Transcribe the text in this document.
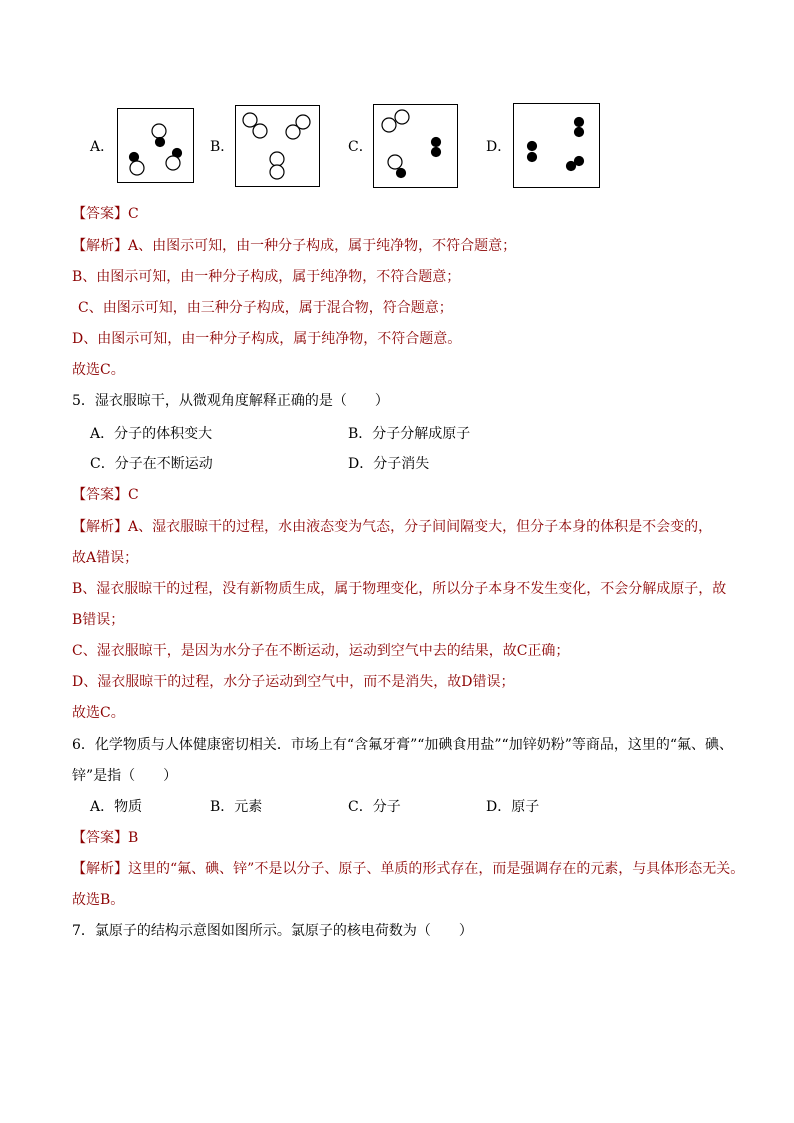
A．	B．	C．	D．
【答案】C
【解析】A、由图示可知，由一种分子构成，属于纯净物，不符合题意；
B、由图示可知，由一种分子构成，属于纯净物，不符合题意；
C、由图示可知，由三种分子构成，属于混合物，符合题意；
D、由图示可知，由一种分子构成，属于纯净物，不符合题意。
故选C。
5．湿衣服晾干，从微观角度解释正确的是（　　）
A．分子的体积变大	B．分子分解成原子
C．分子在不断运动	D．分子消失
【答案】C
【解析】A、湿衣服晾干的过程，水由液态变为气态，分子间间隔变大，但分子本身的体积是不会变的，
故A错误；
B、湿衣服晾干的过程，没有新物质生成，属于物理变化，所以分子本身不发生变化，不会分解成原子，故
B错误；
C、湿衣服晾干，是因为水分子在不断运动，运动到空气中去的结果，故C正确；
D、湿衣服晾干的过程，水分子运动到空气中，而不是消失，故D错误；
故选C。
6．化学物质与人体健康密切相关．市场上有“含氟牙膏”“加碘食用盐”“加锌奶粉”等商品，这里的“氟、碘、
锌”是指（　　）
A．物质	B．元素	C．分子	D．原子
【答案】B
【解析】这里的“氟、碘、锌”不是以分子、原子、单质的形式存在，而是强调存在的元素，与具体形态无关。
故选B。
7．氯原子的结构示意图如图所示。氯原子的核电荷数为（　　）
